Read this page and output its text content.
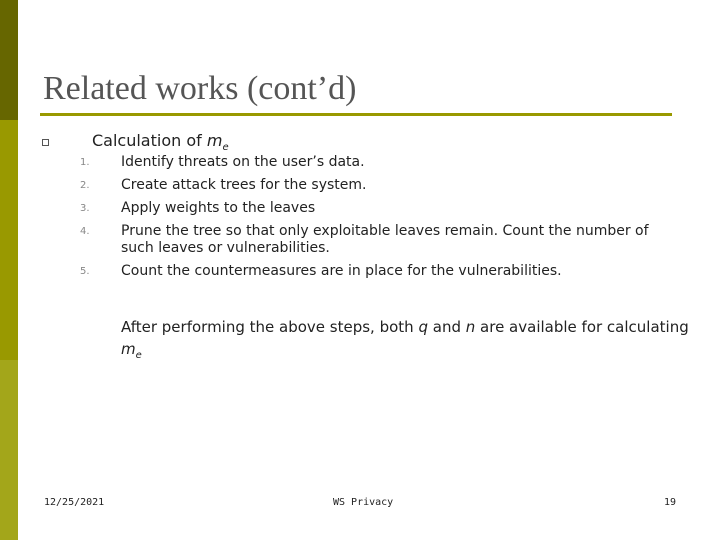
Related works (cont’d)
Calculation of $m_e$
1.	Identify threats on the user’s data.
2.	Create attack trees for the system.
3.	Apply weights to the leaves
4.	Prune the tree so that only exploitable leaves remain. Count the number of such leaves or vulnerabilities.
5.	Count the countermeasures are in place for the vulnerabilities.
After performing the above steps, both q and n are available for calculating $m_e$
12/25/2021	WS Privacy	19
